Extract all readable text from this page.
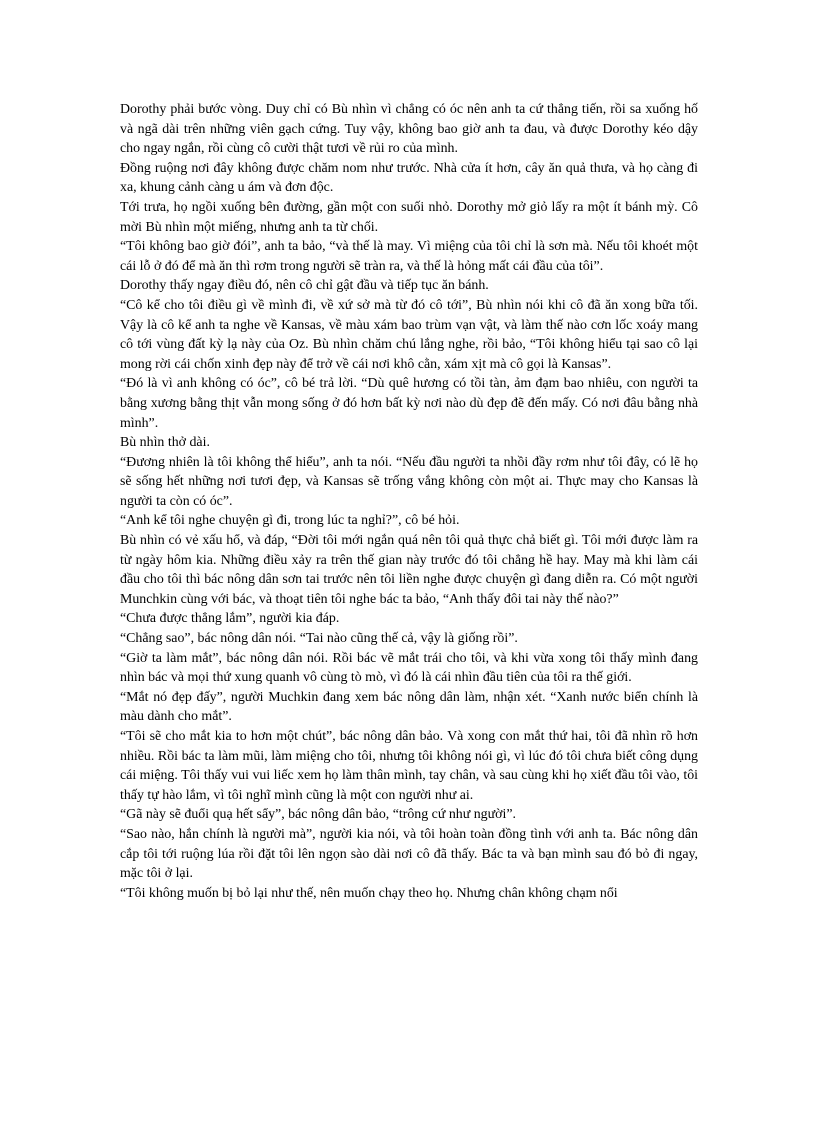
Dorothy phải bước vòng. Duy chỉ có Bù nhìn vì chẳng có óc nên anh ta cứ thẳng tiến, rồi sa xuống hố và ngã dài trên những viên gạch cứng. Tuy vậy, không bao giờ anh ta đau, và được Dorothy kéo dậy cho ngay ngắn, rồi cùng cô cười thật tươi về rủi ro của mình.

Đồng ruộng nơi đây không được chăm nom như trước. Nhà cửa ít hơn, cây ăn quả thưa, và họ càng đi xa, khung cảnh càng u ám và đơn độc.

Tới trưa, họ ngồi xuống bên đường, gần một con suối nhỏ. Dorothy mở giỏ lấy ra một ít bánh mỳ. Cô mời Bù nhìn một miếng, nhưng anh ta từ chối.

“Tôi không bao giờ đói”, anh ta bảo, “và thế là may. Vì miệng của tôi chỉ là sơn mà. Nếu tôi khoét một cái lỗ ở đó để mà ăn thì rơm trong người sẽ tràn ra, và thế là hỏng mất cái đầu của tôi”.

Dorothy thấy ngay điều đó, nên cô chỉ gật đầu và tiếp tục ăn bánh.

“Cô kể cho tôi điều gì về mình đi, về xứ sở mà từ đó cô tới”, Bù nhìn nói khi cô đã ăn xong bữa tối. Vậy là cô kể anh ta nghe về Kansas, về màu xám bao trùm vạn vật, và làm thế nào cơn lốc xoáy mang cô tới vùng đất kỳ lạ này của Oz. Bù nhìn chăm chú lắng nghe, rồi bảo, “Tôi không hiểu tại sao cô lại mong rời cái chốn xinh đẹp này để trở về cái nơi khô cằn, xám xịt mà cô gọi là Kansas”.

“Đó là vì anh không có óc”, cô bé trả lời. “Dù quê hương có tồi tàn, ảm đạm bao nhiêu, con người ta bằng xương bằng thịt vẫn mong sống ở đó hơn bất kỳ nơi nào dù đẹp đẽ đến mấy. Có nơi đâu bằng nhà mình”.

Bù nhìn thở dài.

“Đương nhiên là tôi không thể hiểu”, anh ta nói. “Nếu đầu người ta nhồi đầy rơm như tôi đây, có lẽ họ sẽ sống hết những nơi tươi đẹp, và Kansas sẽ trống vắng không còn một ai. Thực may cho Kansas là người ta còn có óc”.

“Anh kể tôi nghe chuyện gì đi, trong lúc ta nghỉ?”, cô bé hỏi.

Bù nhìn có vẻ xấu hổ, và đáp, “Đời tôi mới ngắn quá nên tôi quả thực chả biết gì. Tôi mới được làm ra từ ngày hôm kia. Những điều xảy ra trên thế gian này trước đó tôi chẳng hề hay. May mà khi làm cái đầu cho tôi thì bác nông dân sơn tai trước nên tôi liền nghe được chuyện gì đang diễn ra. Có một người Munchkin cùng với bác, và thoạt tiên tôi nghe bác ta bảo, “Anh thấy đôi tai này thế nào?”

“Chưa được thẳng lắm”, người kia đáp.

“Chẳng sao”, bác nông dân nói. “Tai nào cũng thế cả, vậy là giống rồi”.

“Giờ ta làm mắt”, bác nông dân nói. Rồi bác vẽ mắt trái cho tôi, và khi vừa xong tôi thấy mình đang nhìn bác và mọi thứ xung quanh vô cùng tò mò, vì đó là cái nhìn đầu tiên của tôi ra thế giới.

“Mắt nó đẹp đấy”, người Muchkin đang xem bác nông dân làm, nhận xét. “Xanh nước biển chính là màu dành cho mắt”.

“Tôi sẽ cho mắt kia to hơn một chút”, bác nông dân bảo. Và xong con mắt thứ hai, tôi đã nhìn rõ hơn nhiều. Rồi bác ta làm mũi, làm miệng cho tôi, nhưng tôi không nói gì, vì lúc đó tôi chưa biết công dụng cái miệng. Tôi thấy vui vui liếc xem họ làm thân mình, tay chân, và sau cùng khi họ xiết đầu tôi vào, tôi thấy tự hào lắm, vì tôi nghĩ mình cũng là một con người như ai.

“Gã này sẽ đuổi quạ hết sẩy”, bác nông dân bảo, “trông cứ như người”.

“Sao nào, hắn chính là người mà”, người kia nói, và tôi hoàn toàn đồng tình với anh ta. Bác nông dân cắp tôi tới ruộng lúa rồi đặt tôi lên ngọn sào dài nơi cô đã thấy. Bác ta và bạn mình sau đó bỏ đi ngay, mặc tôi ở lại.

“Tôi không muốn bị bỏ lại như thế, nên muốn chạy theo họ. Nhưng chân không chạm nổi
